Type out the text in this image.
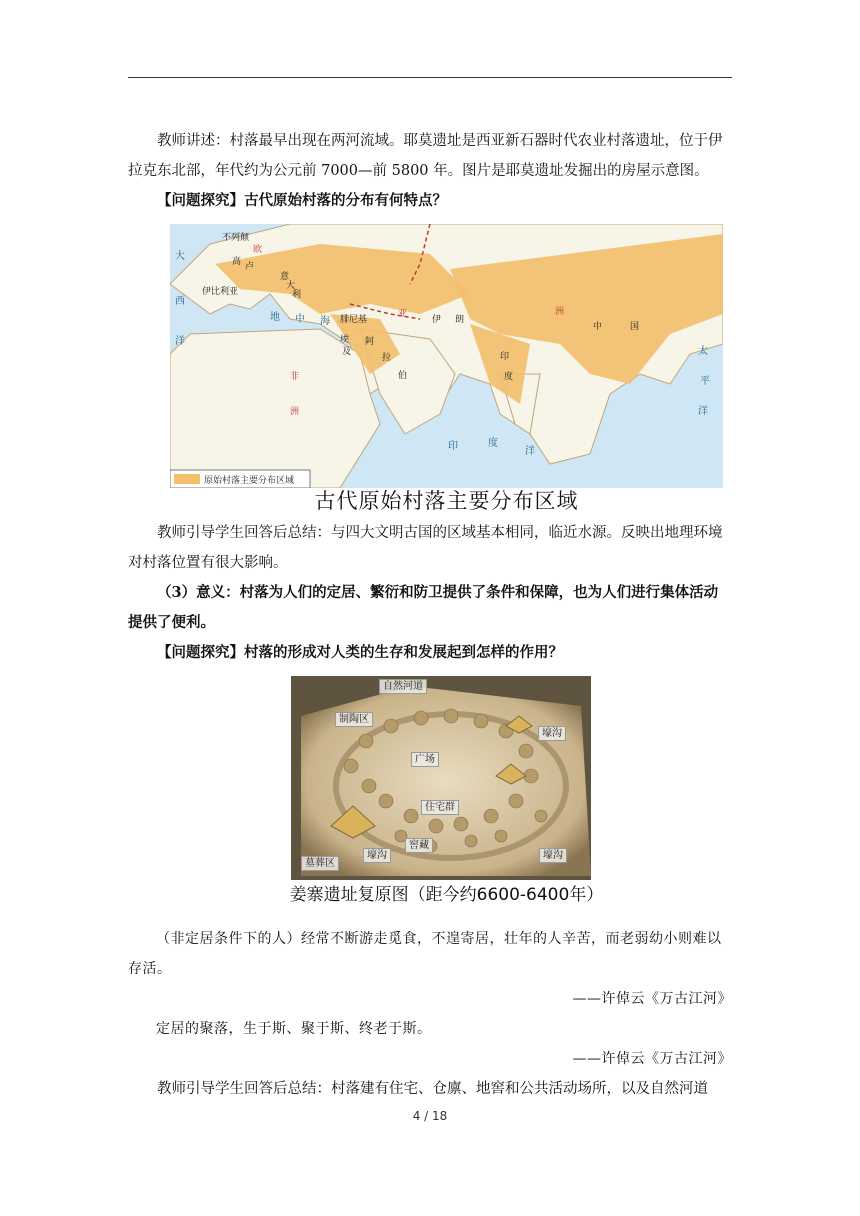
教师讲述：村落最早出现在两河流域。耶莫遗址是西亚新石器时代农业村落遗址，位于伊拉克东北部，年代约为公元前 7000—前 5800 年。图片是耶莫遗址发掘出的房屋示意图。

【问题探究】古代原始村落的分布有何特点？

原始村落主要分布区域
不列颠
欧
高 卢
意
大
利
伊比利亚
腓尼基
阿
拉
伯
埃
及
伊 朗
印
度
中	国
亚	洲
地 中 海
非
洲
大
西
洋
印	度
洋
太
平
洋
古代原始村落主要分布区域

教师引导学生回答后总结：与四大文明古国的区域基本相同，临近水源。反映出地理环境对村落位置有很大影响。

（3）意义：村落为人们的定居、繁衍和防卫提供了条件和保障，也为人们进行集体活动提供了便利。

【问题探究】村落的形成对人类的生存和发展起到怎样的作用？

自然河道
制陶区
壕沟
广场
住宅群
窖藏
墓葬区
壕沟	壕沟
姜寨遗址复原图（距今约6600-6400年）

（非定居条件下的人）经常不断游走觅食，不遑寄居，壮年的人辛苦，而老弱幼小则难以存活。

——许倬云《万古江河》

定居的聚落，生于斯、聚于斯、终老于斯。

——许倬云《万古江河》

教师引导学生回答后总结：村落建有住宅、仓廪、地窖和公共活动场所，以及自然河道

4 / 18
